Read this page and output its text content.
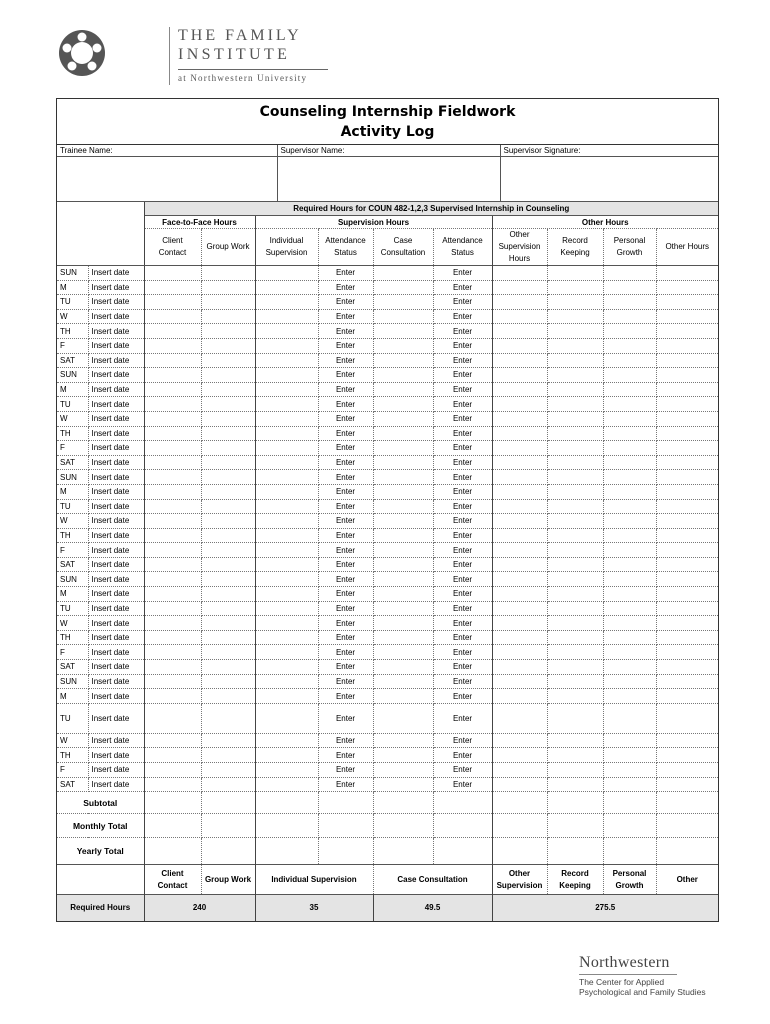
THE FAMILY
INSTITUTE
at Northwestern University
Counseling Internship Fieldwork
Activity Log
Trainee Name:	Supervisor Name:	Supervisor Signature:

		Required Hours for COUN 482-1,2,3 Supervised Internship in Counseling									
		Face-to-Face Hours		Supervision Hours				Other Hours			
		Client Contact	Group Work	Individual Supervision	Attendance Status	Case Consultation	Attendance Status	Other Supervision Hours	Record Keeping	Personal Growth	Other Hours
SUN	Insert date				Enter		Enter				
M	Insert date				Enter		Enter				
TU	Insert date				Enter		Enter				
W	Insert date				Enter		Enter				
TH	Insert date				Enter		Enter				
F	Insert date				Enter		Enter				
SAT	Insert date				Enter		Enter				
SUN	Insert date				Enter		Enter				
M	Insert date				Enter		Enter				
TU	Insert date				Enter		Enter				
W	Insert date				Enter		Enter				
TH	Insert date				Enter		Enter				
F	Insert date				Enter		Enter				
SAT	Insert date				Enter		Enter				
SUN	Insert date				Enter		Enter				
M	Insert date				Enter		Enter				
TU	Insert date				Enter		Enter				
W	Insert date				Enter		Enter				
TH	Insert date				Enter		Enter				
F	Insert date				Enter		Enter				
SAT	Insert date				Enter		Enter				
SUN	Insert date				Enter		Enter				
M	Insert date				Enter		Enter				
TU	Insert date				Enter		Enter				
W	Insert date				Enter		Enter				
TH	Insert date				Enter		Enter				
F	Insert date				Enter		Enter				
SAT	Insert date				Enter		Enter				
SUN	Insert date				Enter		Enter				
M	Insert date				Enter		Enter				
TU	Insert date				Enter		Enter				
W	Insert date				Enter		Enter				
TH	Insert date				Enter		Enter				
F	Insert date				Enter		Enter				
SAT	Insert date				Enter		Enter				
Subtotal											
Monthly Total											
Yearly Total											
		Client Contact	Group Work	Individual Supervision		Case Consultation		Other Supervision	Record Keeping	Personal Growth	Other
Required Hours		240		35		49.5		275.5			
Northwestern
The Center for Applied
Psychological and Family Studies
